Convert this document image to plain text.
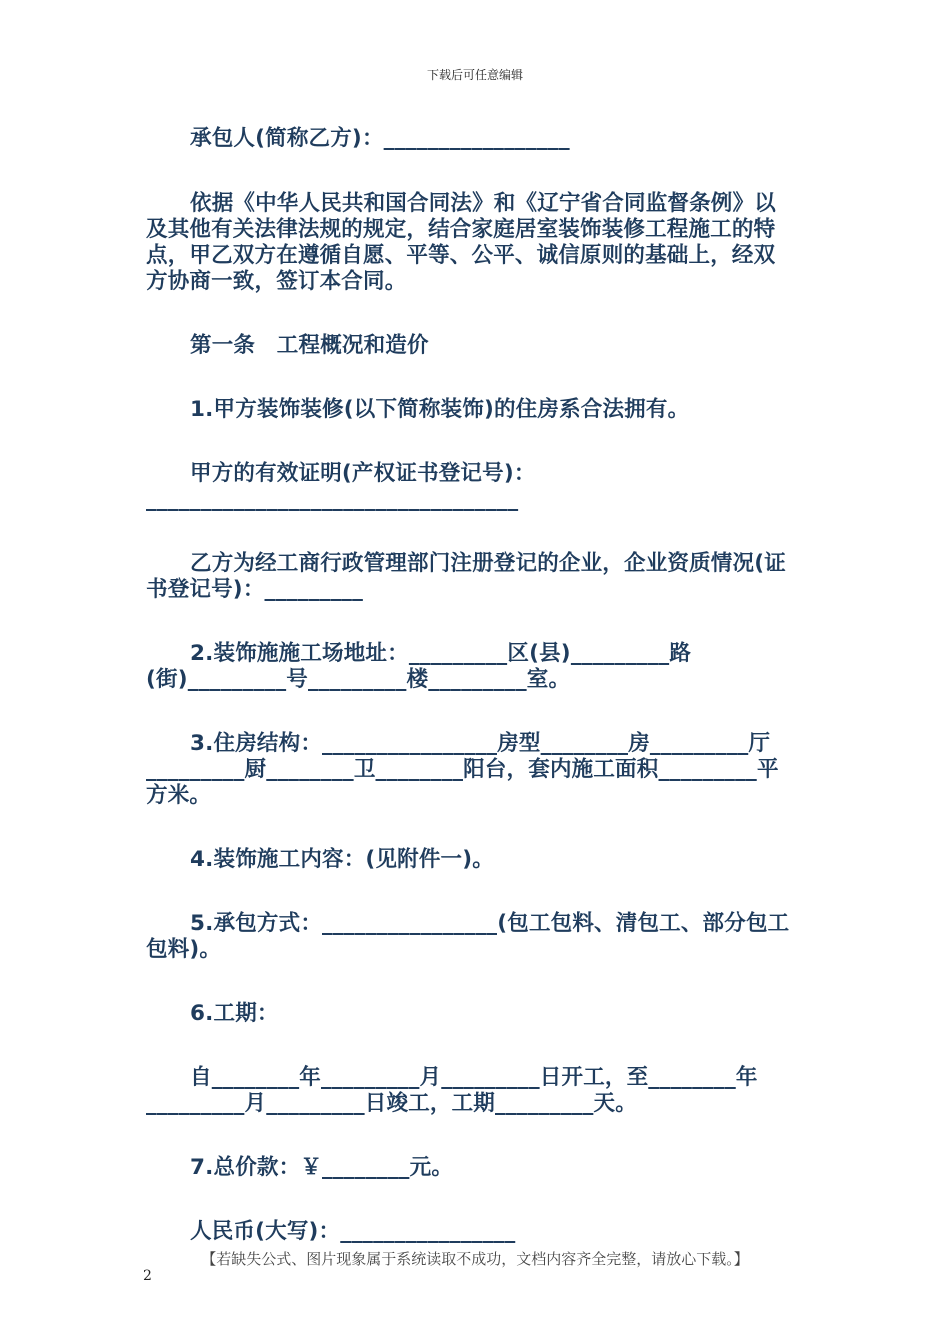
下载后可任意编辑

承包人(简称乙方)：_________________

依据《中华人民共和国合同法》和《辽宁省合同监督条例》以

及其他有关法律法规的规定，结合家庭居室装饰装修工程施工的特

点，甲乙双方在遵循自愿、平等、公平、诚信原则的基础上，经双

方协商一致，签订本合同。

第一条　工程概况和造价

1.甲方装饰装修(以下简称装饰)的住房系合法拥有。

甲方的有效证明(产权证书登记号)：

__________________________________

乙方为经工商行政管理部门注册登记的企业，企业资质情况(证

书登记号)：_________

2.装饰施施工场地址：_________区(县)_________路

(街)_________号_________楼_________室。

3.住房结构：________________房型________房_________厅

_________厨________卫________阳台，套内施工面积_________平

方米。

4.装饰施工内容：(见附件一)。

5.承包方式：________________(包工包料、清包工、部分包工

包料)。

6.工期：

自________年_________月_________日开工，至________年

_________月_________日竣工，工期_________天。

7.总价款：￥________元。

人民币(大写)：________________

【若缺失公式、图片现象属于系统读取不成功，文档内容齐全完整，请放心下载。】
2
